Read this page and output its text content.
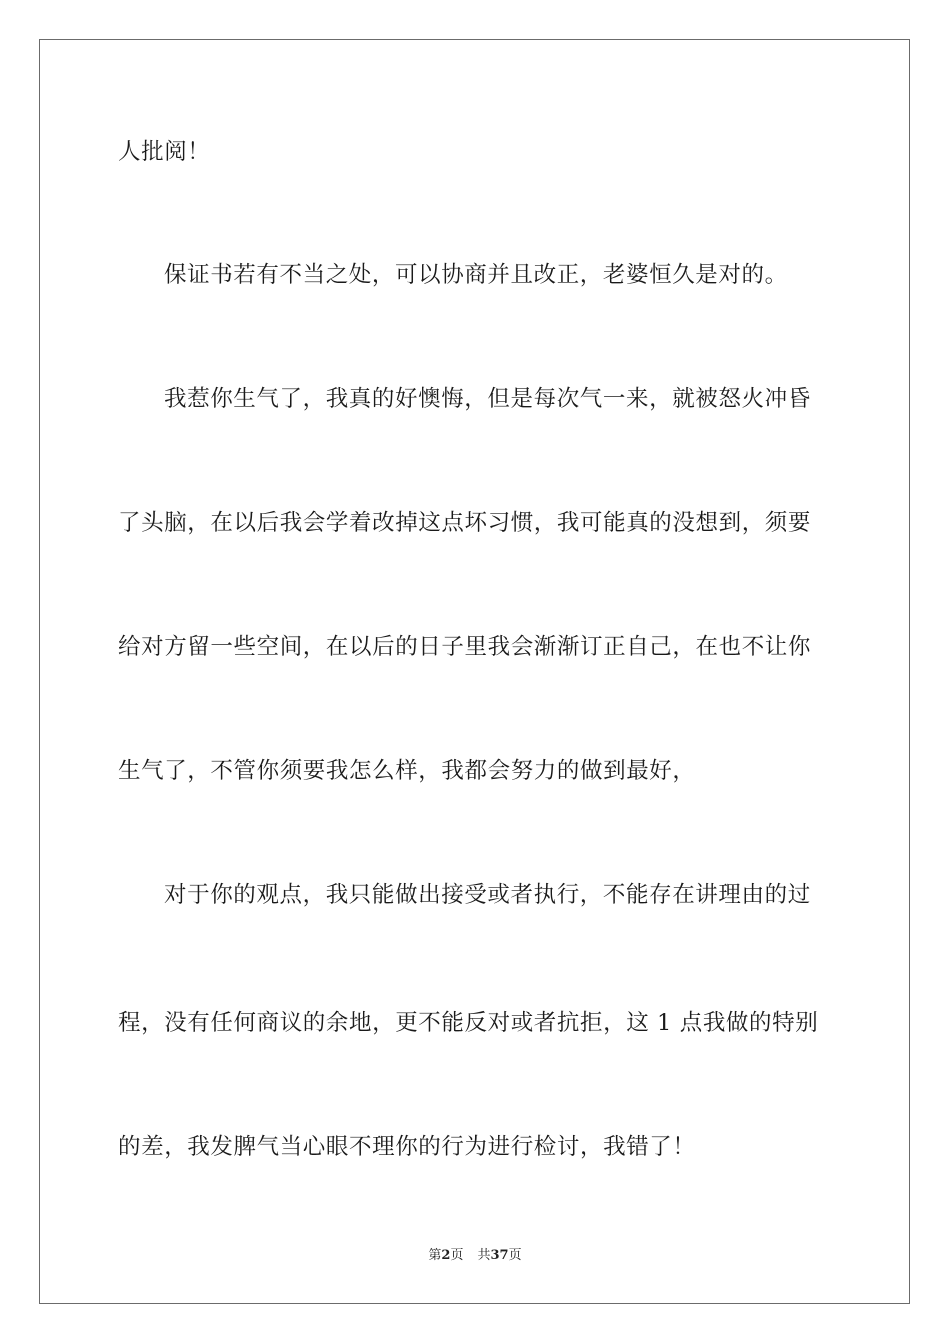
人批阅！
保证书若有不当之处，可以协商并且改正，老婆恒久是对的。
我惹你生气了，我真的好懊悔，但是每次气一来，就被怒火冲昏
了头脑，在以后我会学着改掉这点坏习惯，我可能真的没想到，须要
给对方留一些空间，在以后的日子里我会渐渐订正自己，在也不让你
生气了，不管你须要我怎么样，我都会努力的做到最好，
对于你的观点，我只能做出接受或者执行，不能存在讲理由的过
程，没有任何商议的余地，更不能反对或者抗拒，这 1 点我做的特别
的差，我发脾气当心眼不理你的行为进行检讨，我错了！
第2页 共37页
